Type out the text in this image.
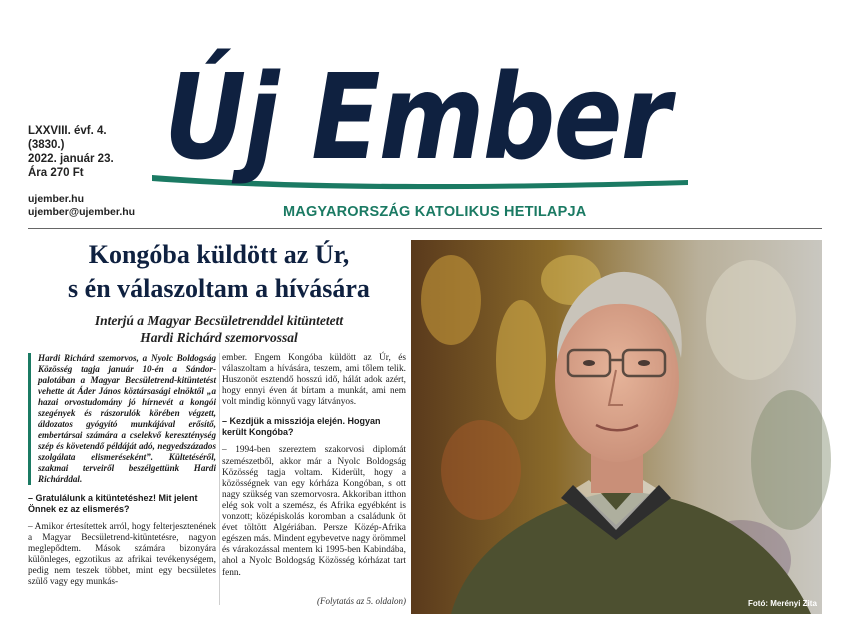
LXXVIII. évf. 4.
(3830.)
2022. január 23.
Ára 270 Ft
ujember.hu
ujember@ujember.hu
Új Ember
MAGYARORSZÁG KATOLIKUS HETILAPJA
Kongóba küldött az Úr,
s én válaszoltam a hívására
Interjú a Magyar Becsületrenddel kitüntetett
Hardi Richárd szemorvossal
Hardi Richárd szemorvos, a Nyolc Boldogság Közösség tagja január 10-én a Sándor-palotában a Magyar Becsületrend-kitüntetést vehette át Áder János köztársasági elnöktől „a hazai orvostudomány jó hírnevét a kongói szegények és rászorulók körében végzett, áldozatos gyógyító munkájával erősítő, embertársai számára a cselekvő kereszténység szép és követendő példáját adó, negyedszázados szolgálata elismeréseként”. Kültetéséről, szakmai terveiről beszélgettünk Hardi Richárddal.
– Gratulálunk a kitüntetéshez! Mit jelent Önnek ez az elismerés?
– Amikor értesítettek arról, hogy felterjesztenének a Magyar Becsületrend-kitüntetésre, nagyon meglepődtem. Mások számára bizonyára különleges, egzotikus az afrikai tevékenységem, pedig nem teszek többet, mint egy becsületes szülő vagy egy munkás-
ember. Engem Kongóba küldött az Úr, és válaszoltam a hívására, teszem, ami tőlem telik. Huszonöt esztendő hosszú idő, hálát adok azért, hogy ennyi éven át bírtam a munkát, ami nem volt mindig könnyű vagy látványos.
– Kezdjük a missziója elején. Hogyan került Kongóba?
– 1994-ben szereztem szakorvosi diplomát szemészetből, akkor már a Nyolc Boldogság Közösség tagja voltam. Kiderült, hogy a közösségnek van egy kórháza Kongóban, s ott nagy szükség van szemorvosra. Akkoriban itthon elég sok volt a szemész, és Afrika egyébként is vonzott; középiskolás koromban a családunk öt évet töltött Algériában. Persze Közép-Afrika egészen más. Mindent egybevetve nagy örömmel és várakozással mentem ki 1995-ben Kabindába, ahol a Nyolc Boldogság Közösség kórházat tart fenn.
(Folytatás az 5. oldalon)	Fotó: Merényi Zita
